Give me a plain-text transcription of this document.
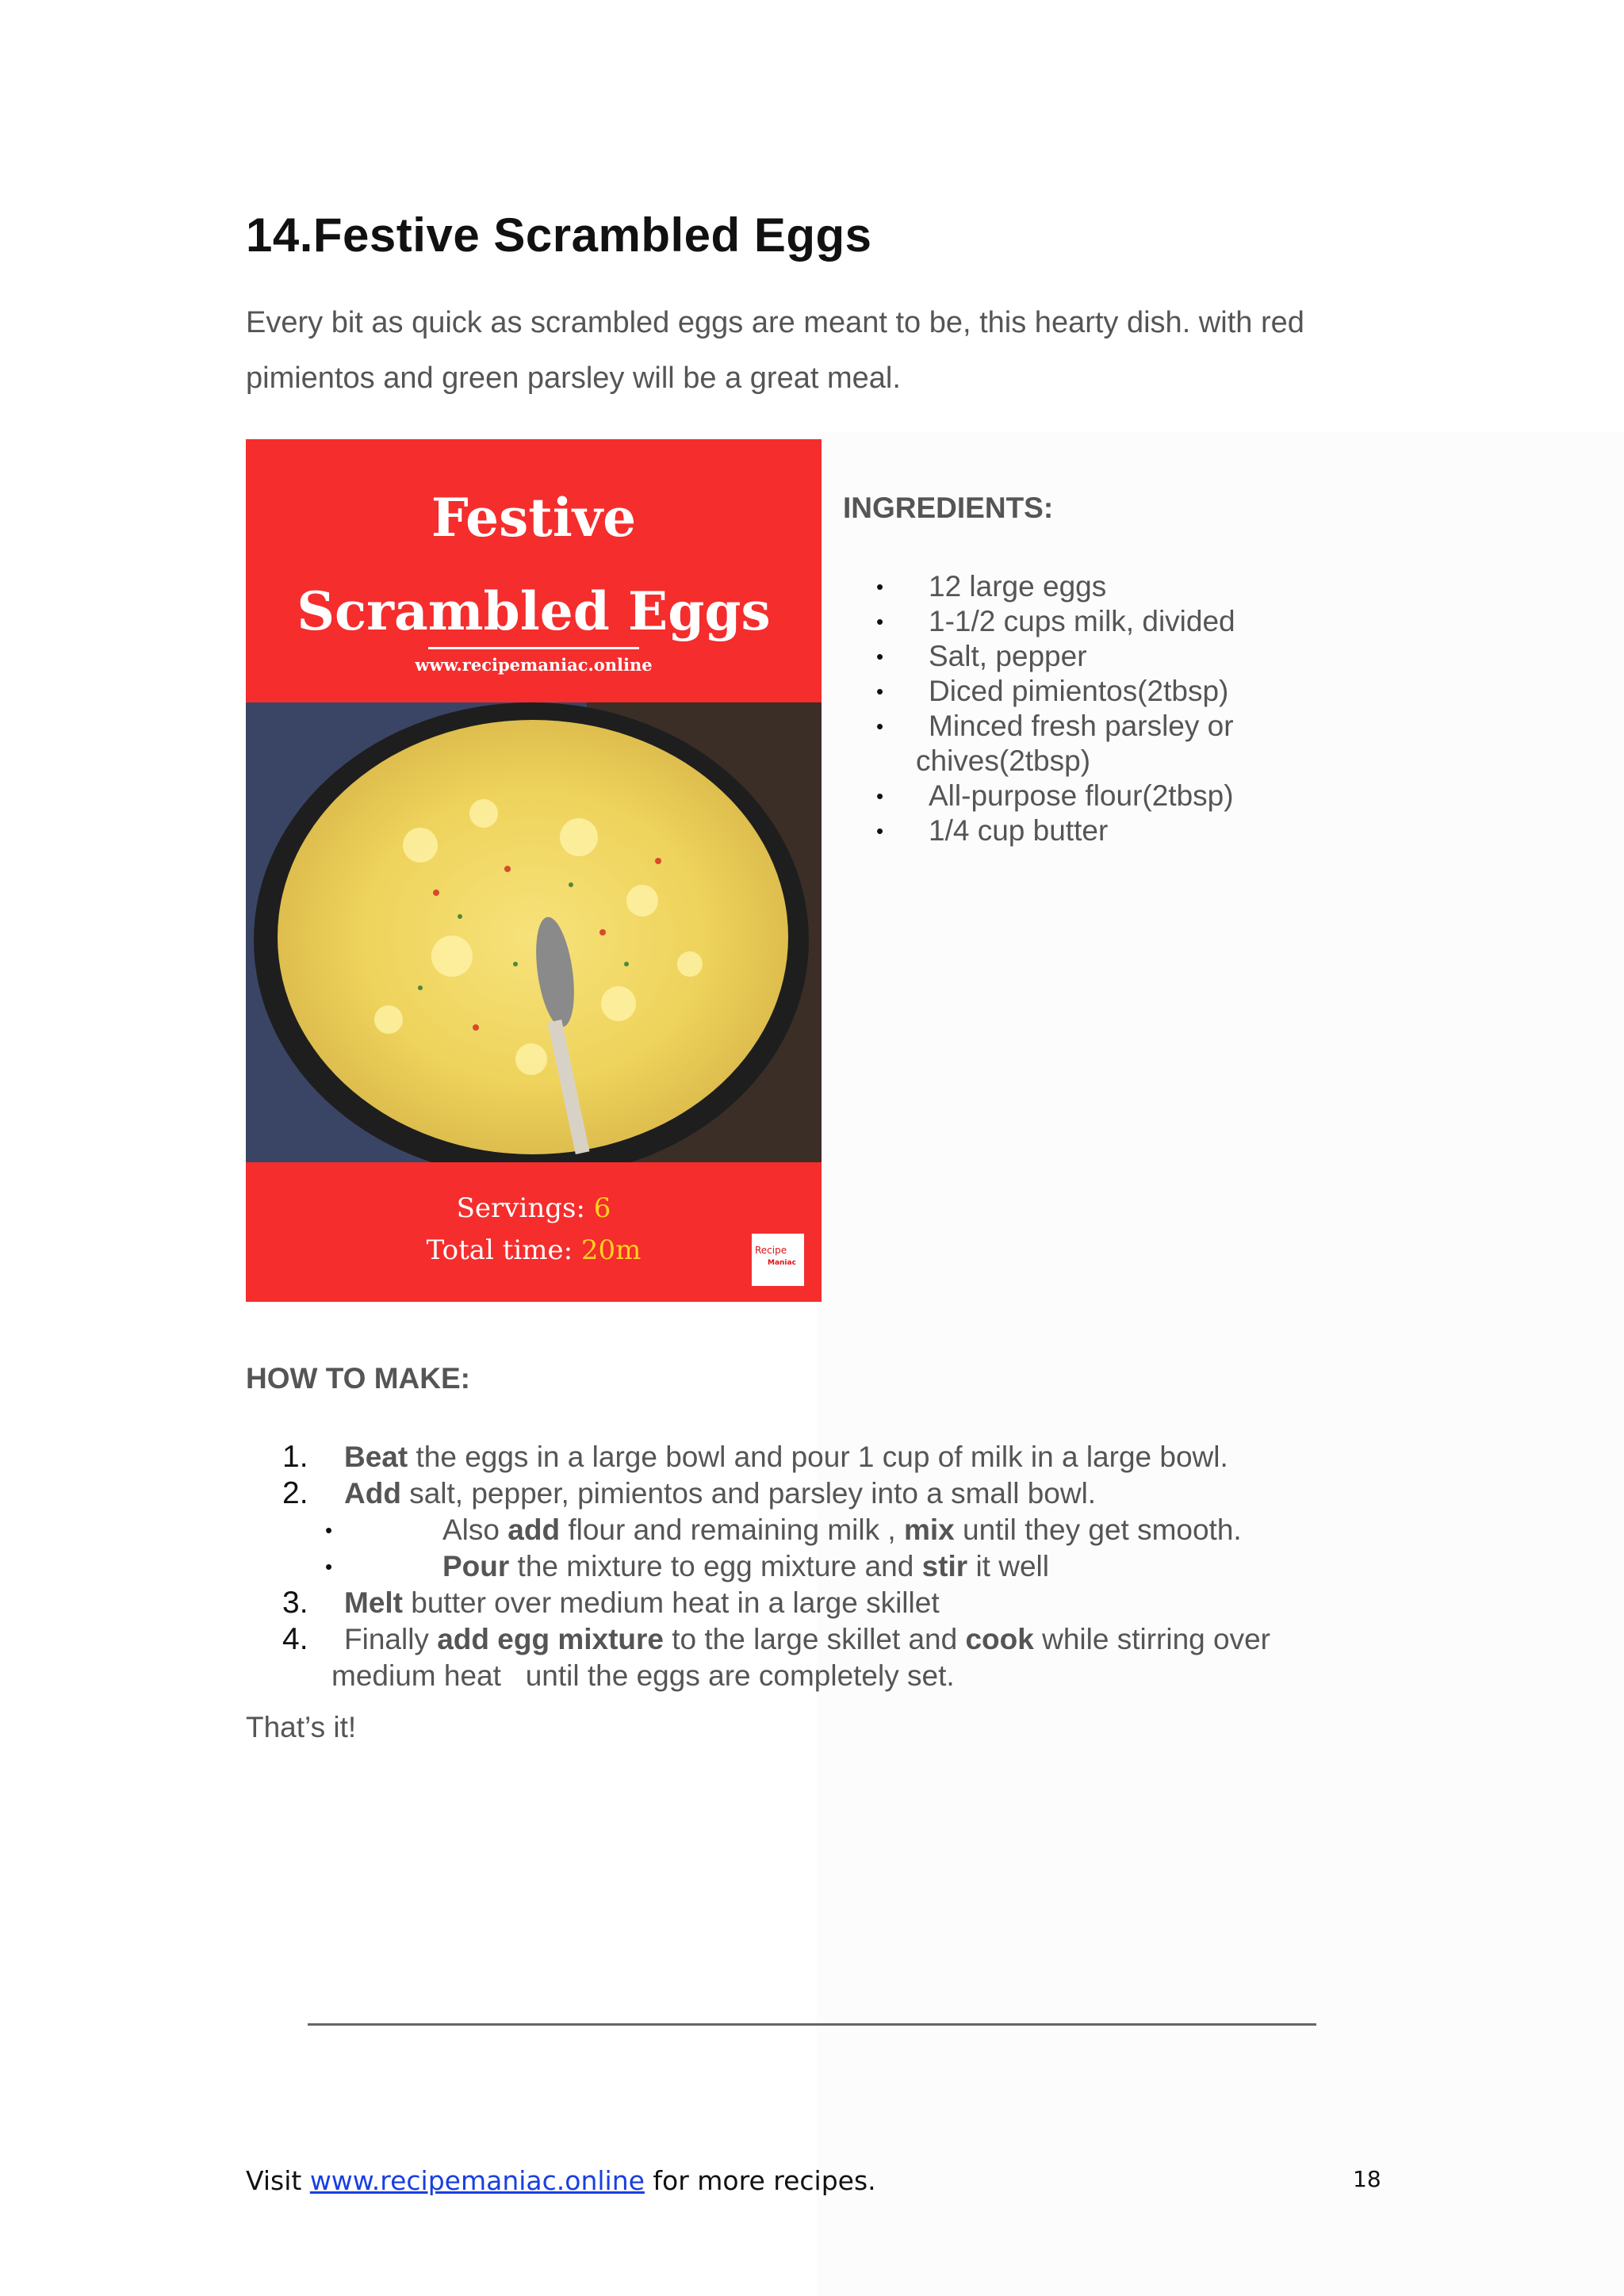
14.Festive Scrambled Eggs
Every bit as quick as scrambled eggs are meant to be, this hearty dish. with red pimientos and green parsley will be a great meal.
Festive
Scrambled Eggs
www.recipemaniac.online
Servings: 6
Total time: 20m	Recipe
Maniac
INGREDIENTS:
•	12 large eggs
•	1-1/2 cups milk, divided
•	Salt, pepper
•	Diced pimientos(2tbsp)
•	Minced fresh parsley or
chives(2tbsp)
•	All-purpose flour(2tbsp)
•	1/4 cup butter
HOW TO MAKE:
1.	Beat the eggs in a large bowl and pour 1 cup of milk in a large bowl.
2.	Add salt, pepper, pimientos and parsley into a small bowl.
•	Also add flour and remaining milk , mix until they get smooth.
•	Pour the mixture to egg mixture and stir it well
3.	Melt butter over medium heat in a large skillet
4.	Finally add egg mixture to the large skillet and cook while stirring over
medium heat   until the eggs are completely set.
That’s it!
Visit www.recipemaniac.online for more recipes.	18
